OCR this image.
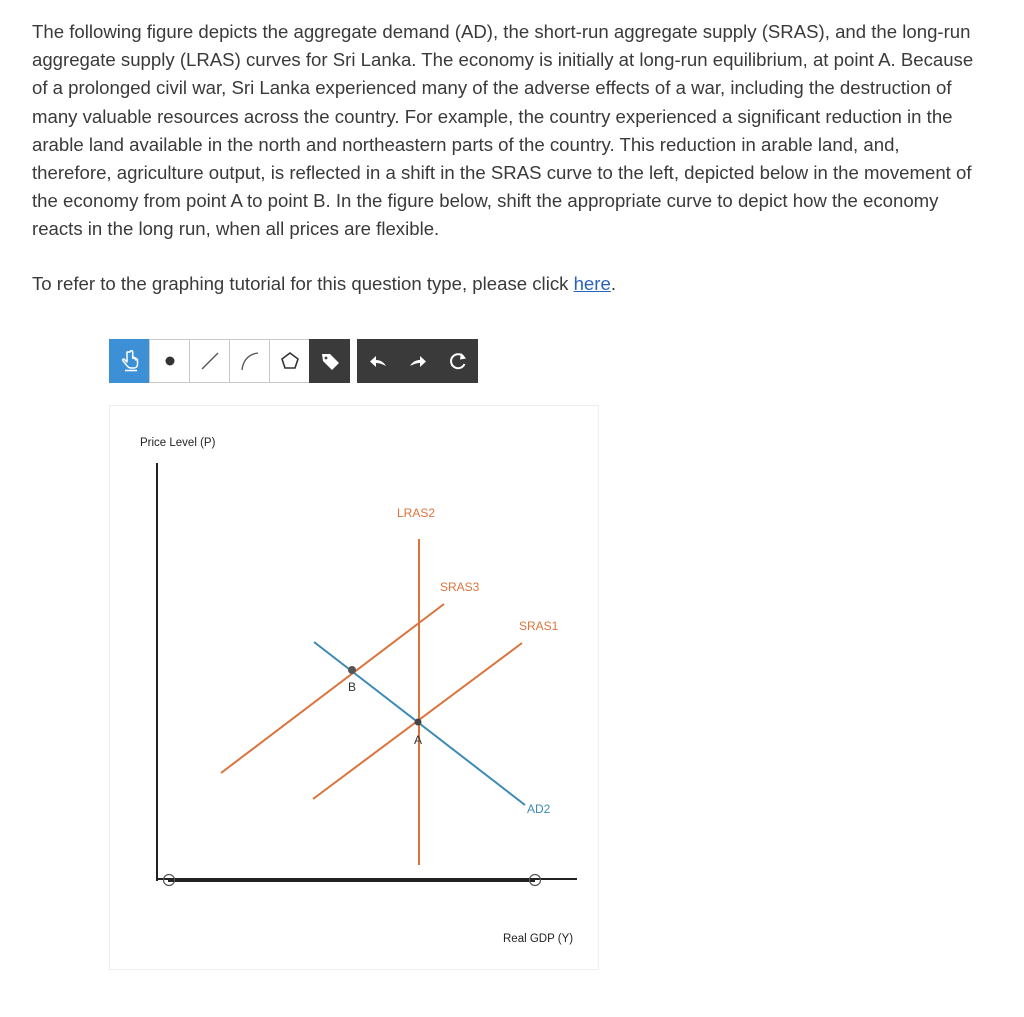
The following figure depicts the aggregate demand (AD), the short-run aggregate supply (SRAS), and the long-run aggregate supply (LRAS) curves for Sri Lanka. The economy is initially at long-run equilibrium, at point A. Because of a prolonged civil war, Sri Lanka experienced many of the adverse effects of a war, including the destruction of many valuable resources across the country. For example, the country experienced a significant reduction in the arable land available in the north and northeastern parts of the country. This reduction in arable land, and, therefore, agriculture output, is reflected in a shift in the SRAS curve to the left, depicted below in the movement of the economy from point A to point B. In the figure below, shift the appropriate curve to depict how the economy reacts in the long run, when all prices are flexible.

To refer to the graphing tutorial for this question type, please click here.
Price Level (P)
Real GDP (Y)
LRAS2
SRAS3
SRAS1
AD2
B
A
